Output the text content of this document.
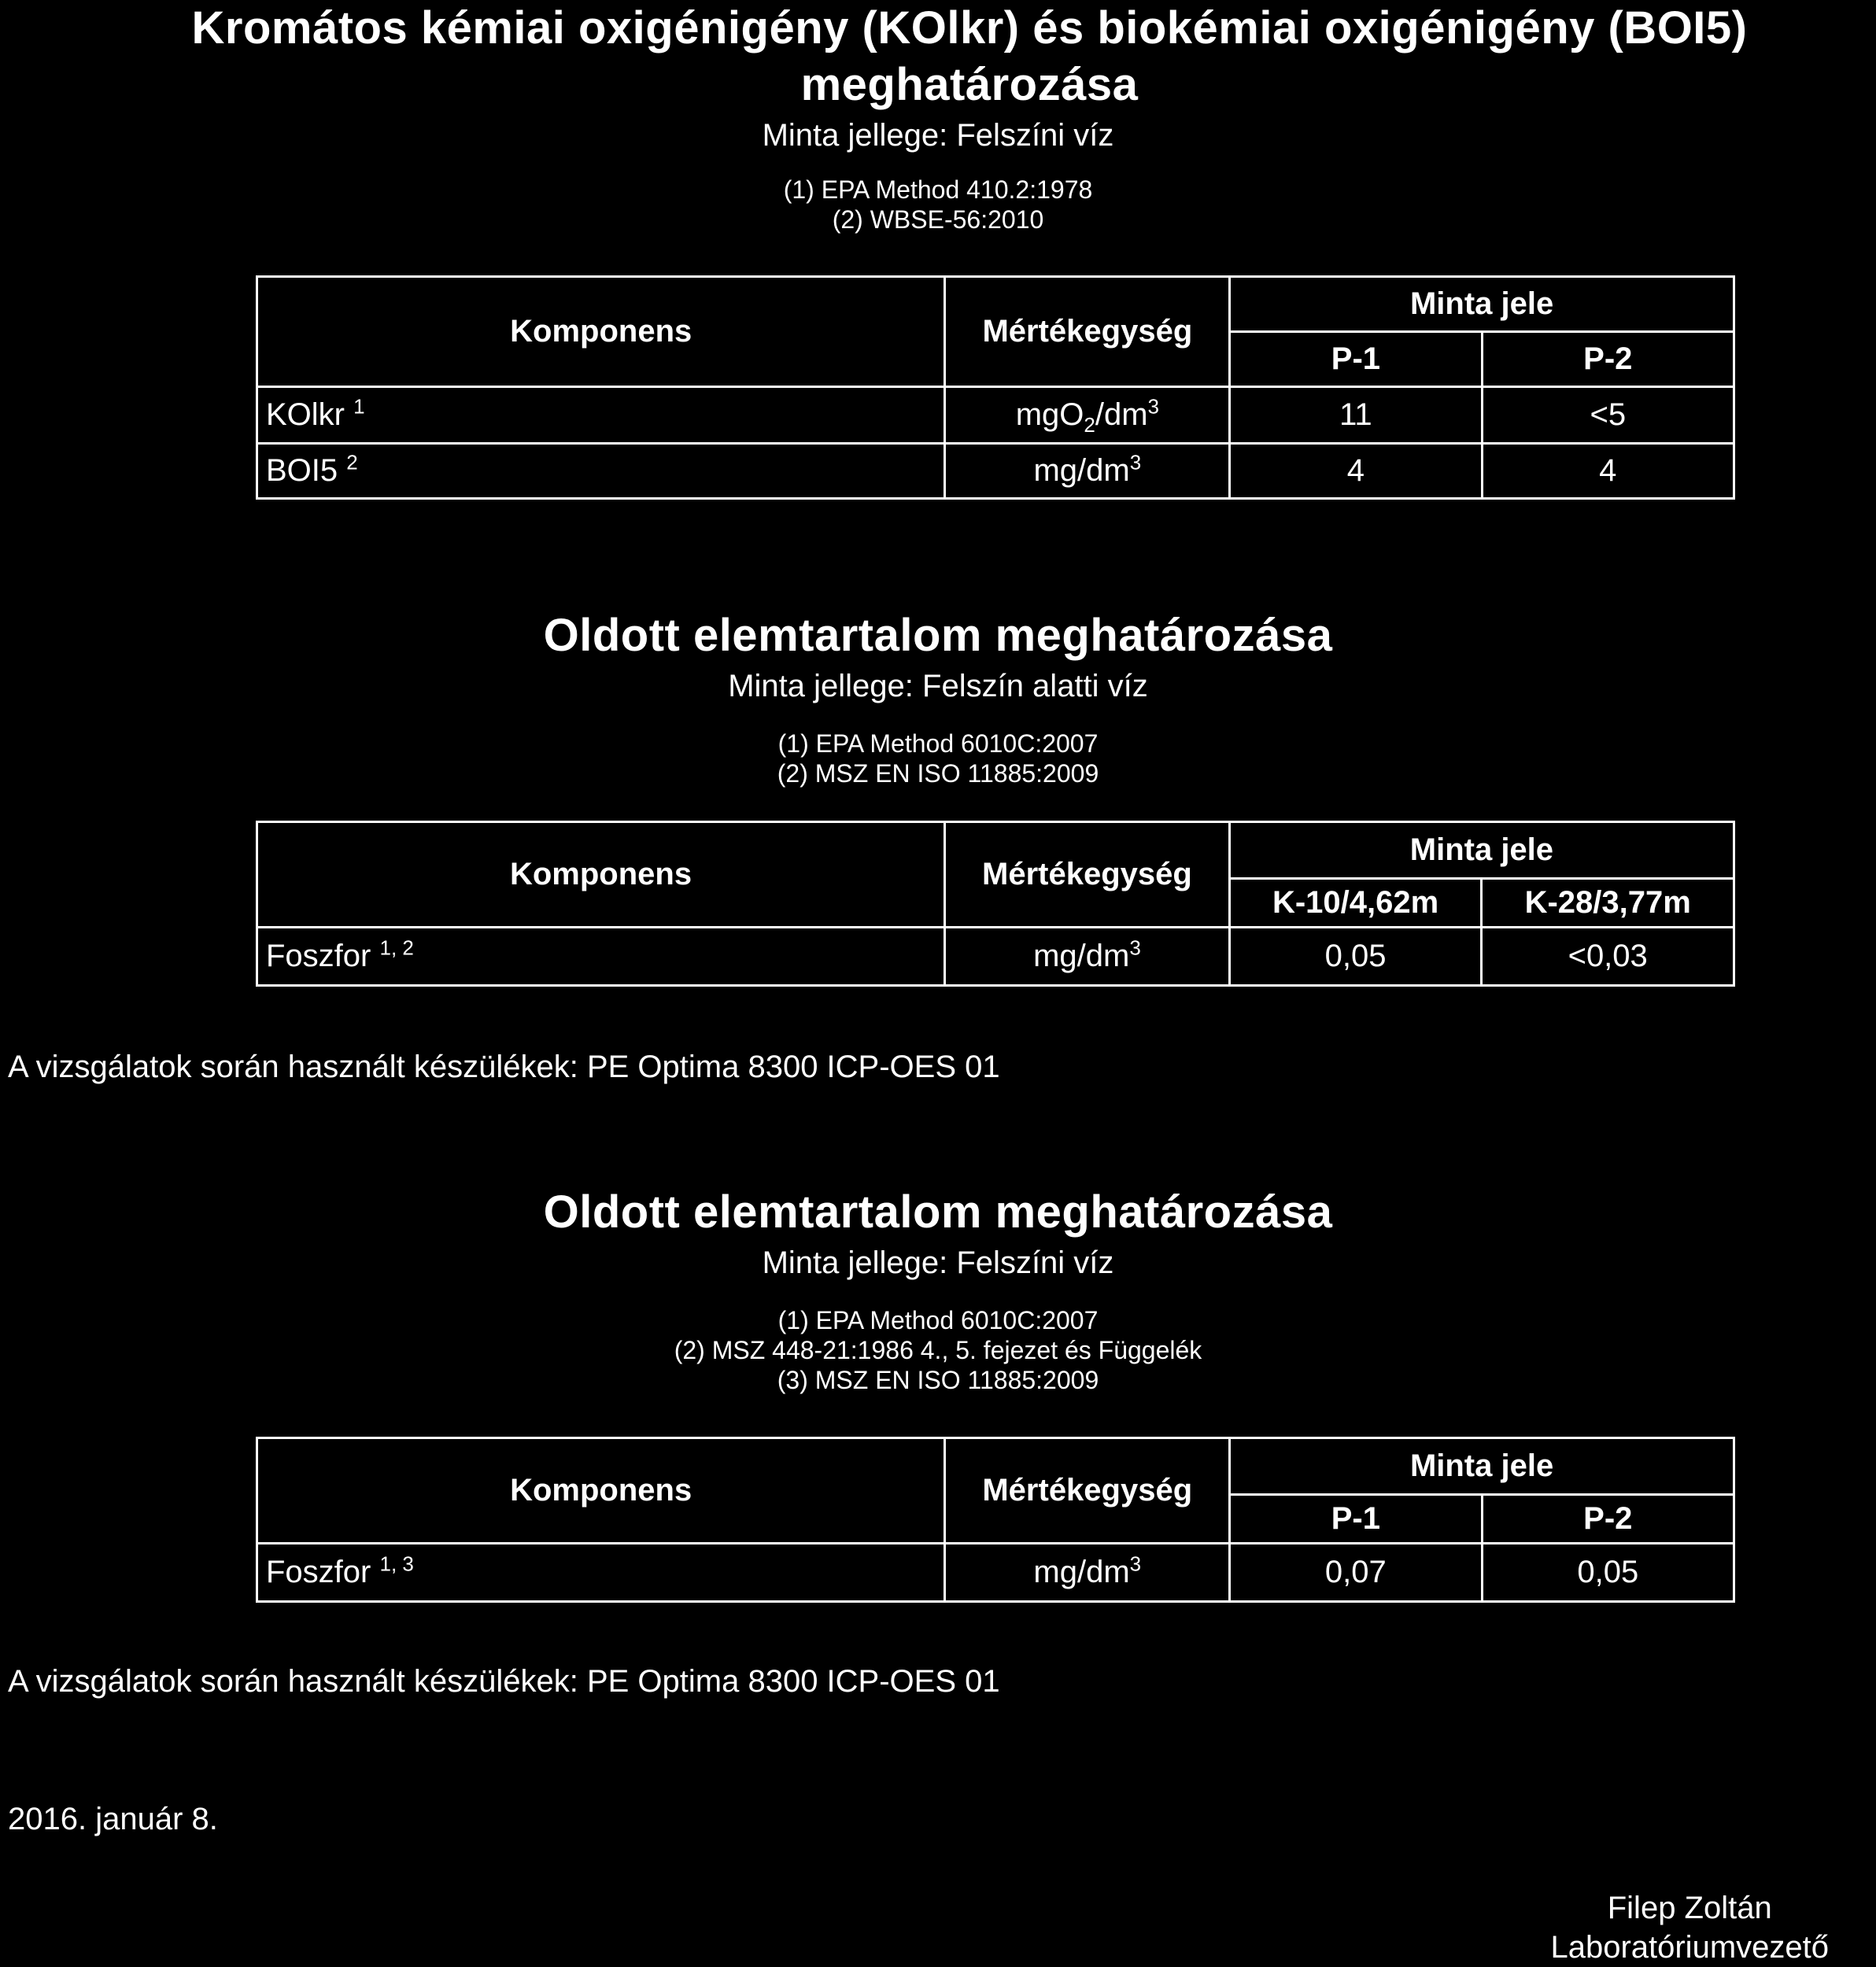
Kromátos kémiai oxigénigény (KOlkr) és biokémiai oxigénigény (BOI5) meghatározása
Minta jellege: Felszíni víz
(1) EPA Method 410.2:1978
(2) WBSE-56:2010
Komponens	Mértékegység	Minta jele	
		P-1	P-2
KOlkr $^1$	$mgO_2/dm^3$	11	<5
BOI5 $^2$	$mg/dm^3$	4	4
Oldott elemtartalom meghatározása
Minta jellege: Felszín alatti víz
(1) EPA Method 6010C:2007
(2) MSZ EN ISO 11885:2009
Komponens	Mértékegység	Minta jele	
		K-10/4,62m	K-28/3,77m
Foszfor $^{1, 2}$	$mg/dm^3$	0,05	<0,03
A vizsgálatok során használt készülékek: PE Optima 8300 ICP-OES 01
Oldott elemtartalom meghatározása
Minta jellege: Felszíni víz
(1) EPA Method 6010C:2007
(2) MSZ 448-21:1986 4., 5. fejezet és Függelék
(3) MSZ EN ISO 11885:2009
Komponens	Mértékegység	Minta jele	
		P-1	P-2
Foszfor $^{1, 3}$	$mg/dm^3$	0,07	0,05
A vizsgálatok során használt készülékek: PE Optima 8300 ICP-OES 01
2016. január 8.
Filep Zoltán
Laboratóriumvezető
